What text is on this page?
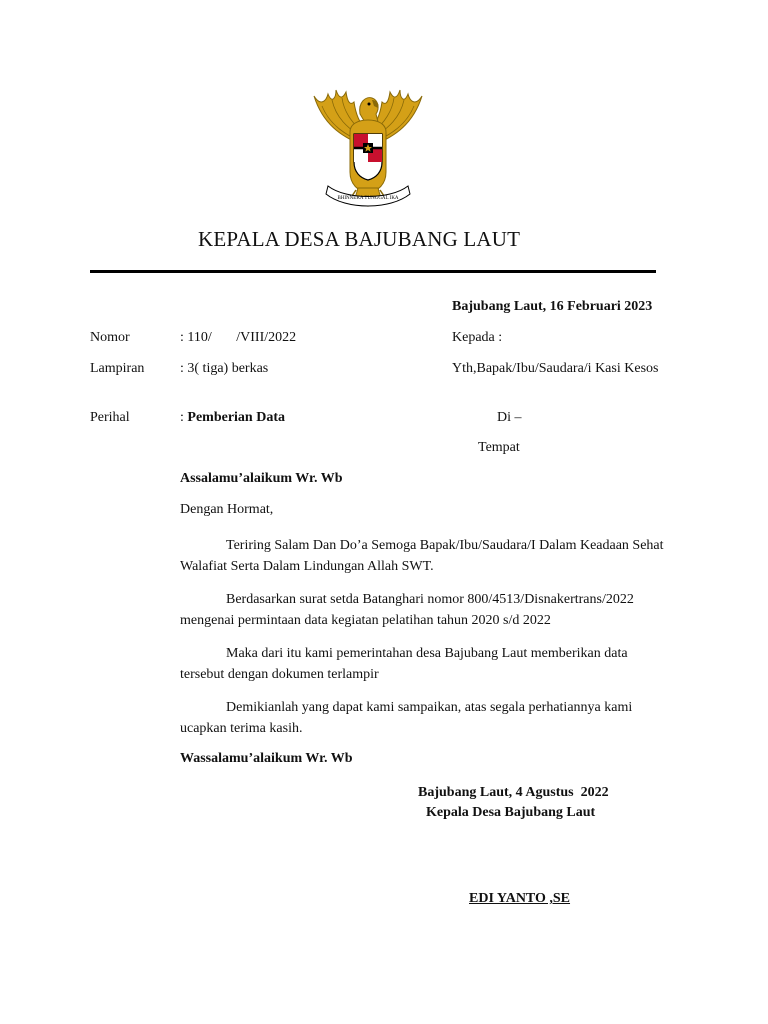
BHINNEKA TUNGGAL IKA
KEPALA DESA BAJUBANG LAUT
Bajubang Laut, 16 Februari 2023
Nomor	: 110/       /VIII/2022
Lampiran	: 3( tiga) berkas
Perihal	: Pemberian Data
Kepada :
Yth,Bapak/Ibu/Saudara/i Kasi Kesos
Di –
Tempat
Assalamu’alaikum Wr. Wb
Dengan Hormat,
Teriring Salam Dan Do’a Semoga Bapak/Ibu/Saudara/I Dalam Keadaan Sehat Walafiat Serta Dalam Lindungan Allah SWT.
Berdasarkan surat setda Batanghari nomor 800/4513/Disnakertrans/2022 mengenai permintaan data kegiatan pelatihan tahun 2020 s/d 2022
Maka dari itu kami pemerintahan desa Bajubang Laut memberikan data tersebut dengan dokumen terlampir
Demikianlah yang dapat kami sampaikan, atas segala perhatiannya kami ucapkan terima kasih.
Wassalamu’alaikum Wr. Wb
Bajubang Laut, 4 Agustus  2022
Kepala Desa Bajubang Laut
EDI YANTO ,SE
